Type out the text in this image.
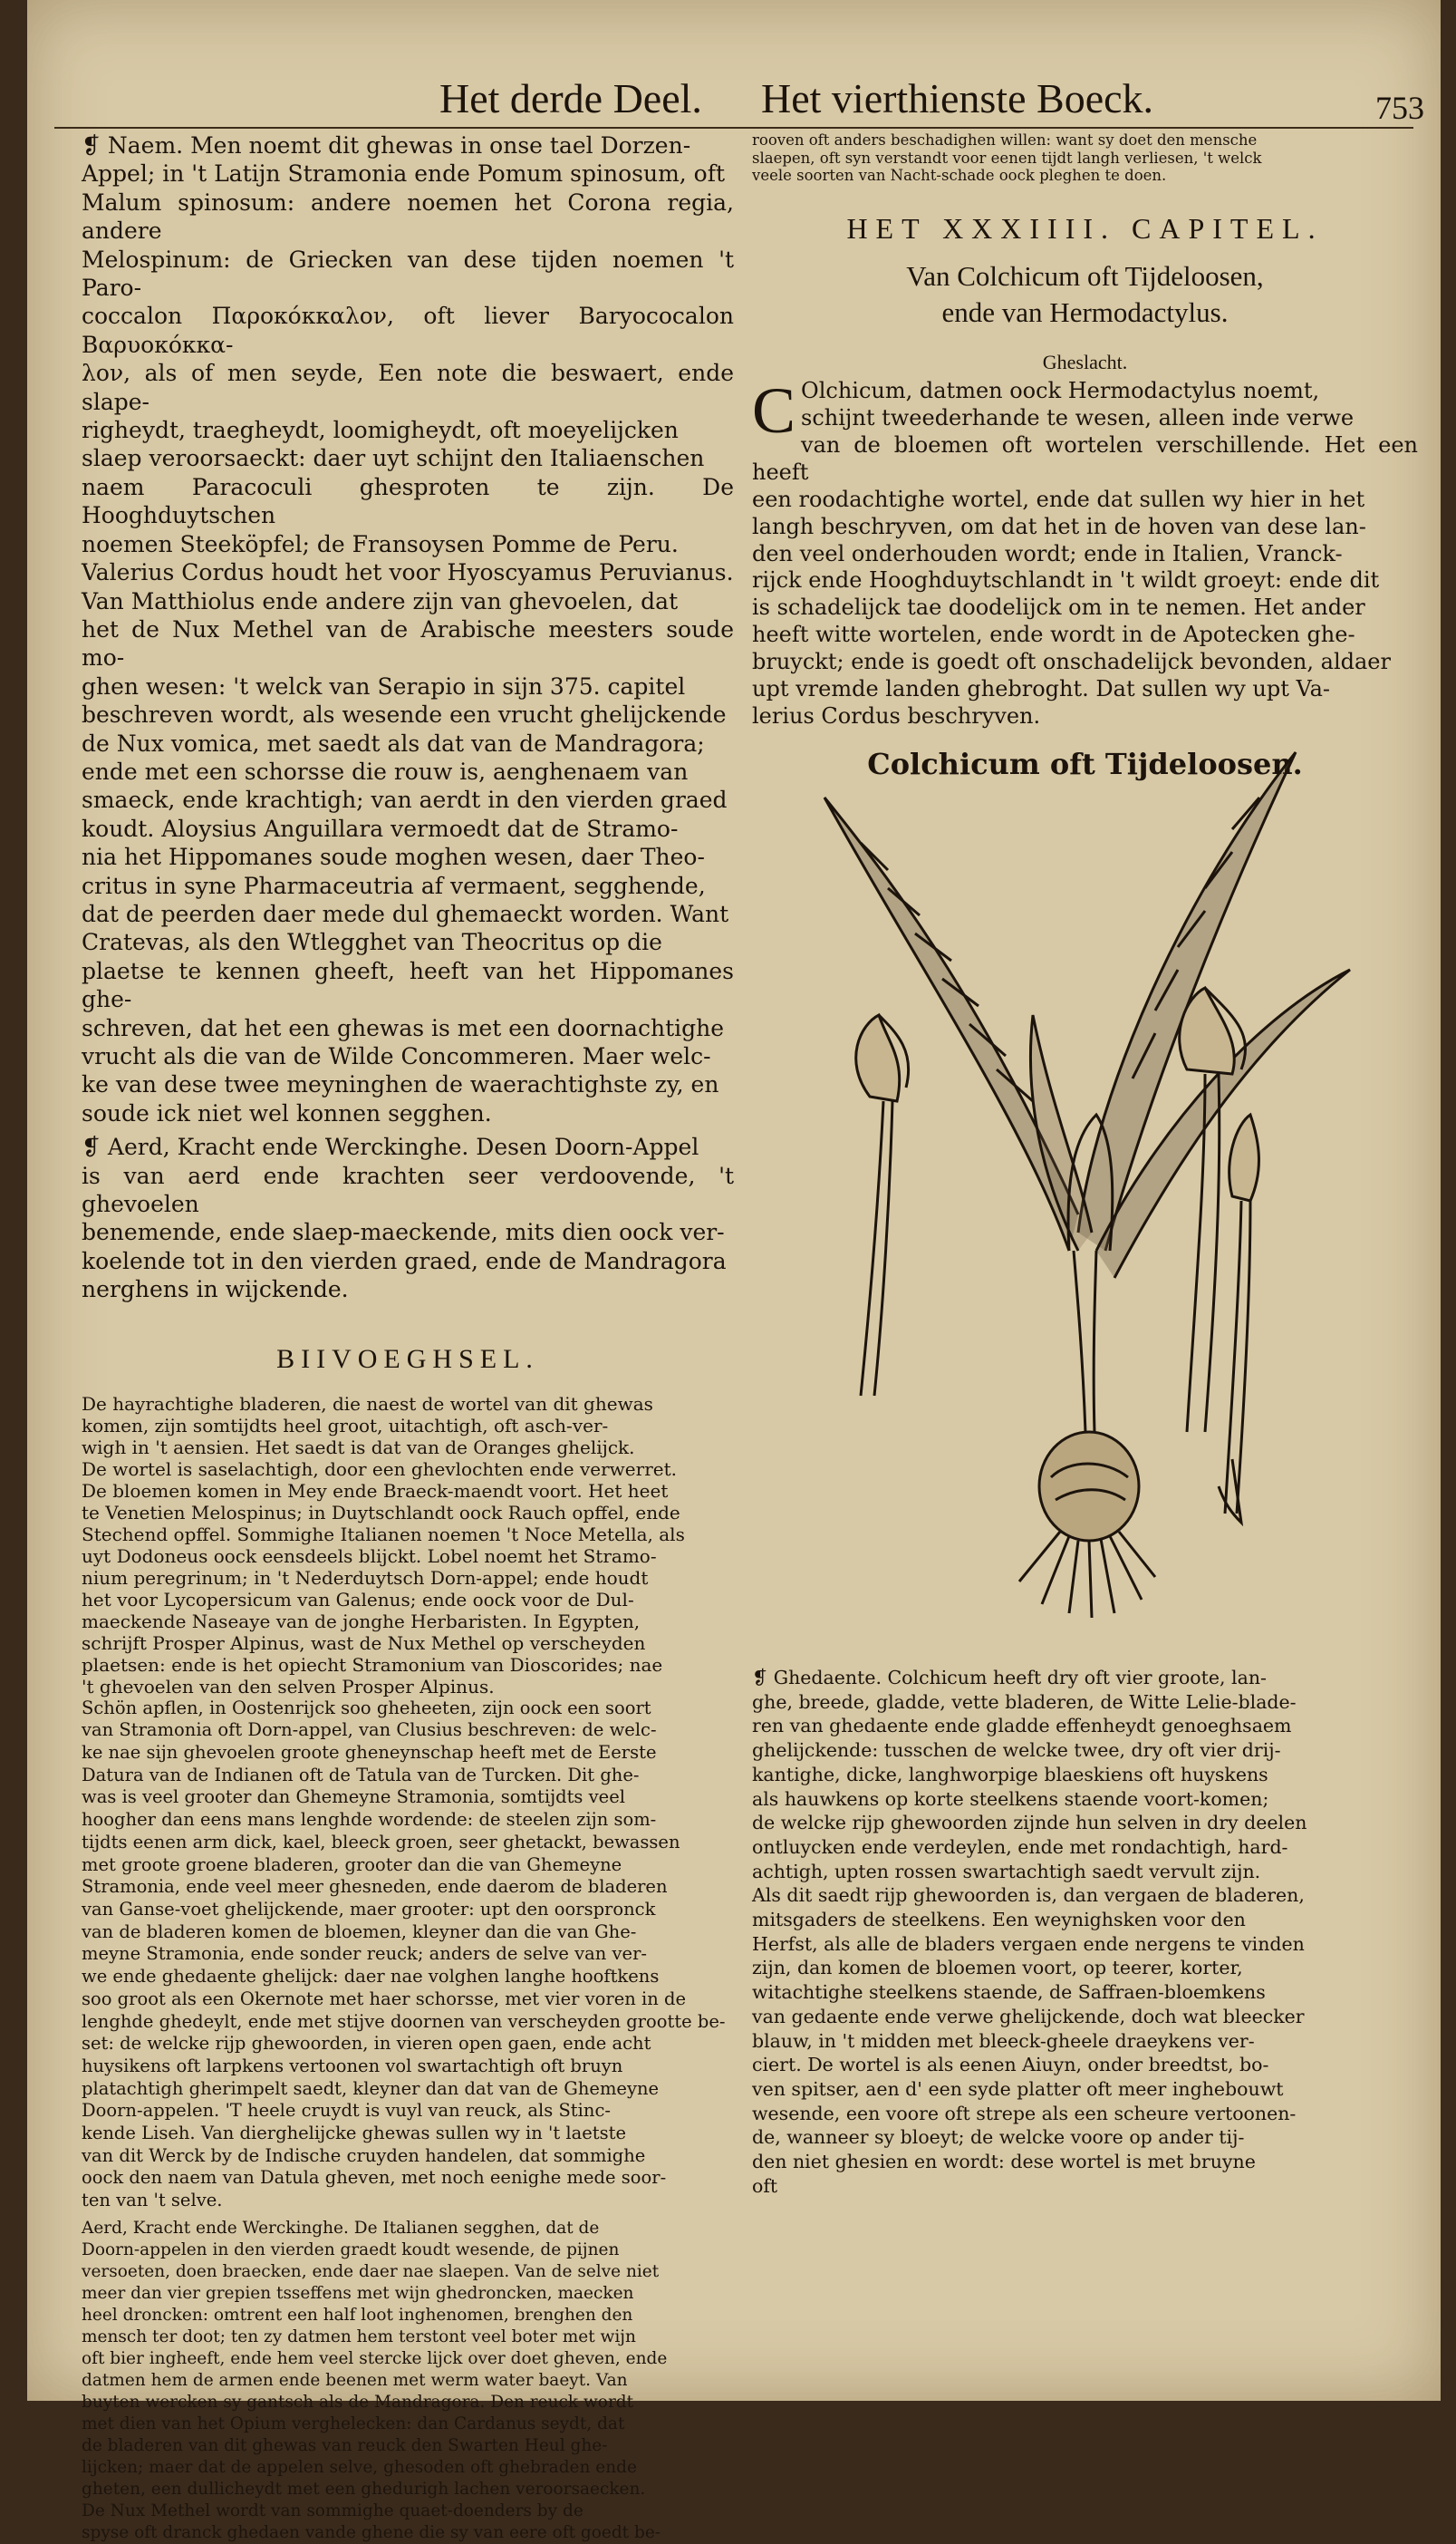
Het derde Deel. Het vierthienste Boeck.	753

❡ Naem. Men noemt dit ghewas in onse tael Dorzen-

Appel; in 't Latijn Stramonia ende Pomum spinosum, oft

Malum spinosum: andere noemen het Corona regia, andere

Melospinum: de Griecken van dese tijden noemen 't Paro-

coccalon Παροκόκκαλον, oft liever Baryococalon Βαρυοκόκκα-

λον, als of men seyde, Een note die beswaert, ende slape-

righeydt, traegheydt, loomigheydt, oft moeyelijcken

slaep veroorsaeckt: daer uyt schijnt den Italiaenschen

naem Paracoculi ghesproten te zijn. De Hooghduytschen

noemen Steeköpfel; de Fransoysen Pomme de Peru.

Valerius Cordus houdt het voor Hyoscyamus Peruvianus.

Van Matthiolus ende andere zijn van ghevoelen, dat

het de Nux Methel van de Arabische meesters soude mo-

ghen wesen: 't welck van Serapio in sijn 375. capitel

beschreven wordt, als wesende een vrucht ghelijckende

de Nux vomica, met saedt als dat van de Mandragora;

ende met een schorsse die rouw is, aenghenaem van

smaeck, ende krachtigh; van aerdt in den vierden graed

koudt. Aloysius Anguillara vermoedt dat de Stramo-

nia het Hippomanes soude moghen wesen, daer Theo-

critus in syne Pharmaceutria af vermaent, segghende,

dat de peerden daer mede dul ghemaeckt worden. Want

Cratevas, als den Wtlegghet van Theocritus op die

plaetse te kennen gheeft, heeft van het Hippomanes ghe-

schreven, dat het een ghewas is met een doornachtighe

vrucht als die van de Wilde Concommeren. Maer welc-

ke van dese twee meyninghen de waerachtighste zy, en

soude ick niet wel konnen segghen.

❡ Aerd, Kracht ende Werckinghe. Desen Doorn-Appel

is van aerd ende krachten seer verdoovende, 't ghevoelen

benemende, ende slaep-maeckende, mits dien oock ver-

koelende tot in den vierden graed, ende de Mandragora

nerghens in wijckende.

BIIVOEGHSEL.

De hayrachtighe bladeren, die naest de wortel van dit ghewas

komen, zijn somtijdts heel groot, uitachtigh, oft asch-ver-

wigh in 't aensien. Het saedt is dat van de Oranges ghelijck.

De wortel is saselachtigh, door een ghevlochten ende verwerret.

De bloemen komen in Mey ende Braeck-maendt voort. Het heet

te Venetien Melospinus; in Duytschlandt oock Rauch opffel, ende

Stechend opffel. Sommighe Italianen noemen 't Noce Metella, als

uyt Dodoneus oock eensdeels blijckt. Lobel noemt het Stramo-

nium peregrinum; in 't Nederduytsch Dorn-appel; ende houdt

het voor Lycopersicum van Galenus; ende oock voor de Dul-

maeckende Naseaye van de jonghe Herbaristen. In Egypten,

schrijft Prosper Alpinus, wast de Nux Methel op verscheyden

plaetsen: ende is het opiecht Stramonium van Dioscorides; nae

't ghevoelen van den selven Prosper Alpinus.

Schön apflen, in Oostenrijck soo gheheeten, zijn oock een soort

van Stramonia oft Dorn-appel, van Clusius beschreven: de welc-

ke nae sijn ghevoelen groote gheneynschap heeft met de Eerste

Datura van de Indianen oft de Tatula van de Turcken. Dit ghe-

was is veel grooter dan Ghemeyne Stramonia, somtijdts veel

hoogher dan eens mans lenghde wordende: de steelen zijn som-

tijdts eenen arm dick, kael, bleeck groen, seer ghetackt, bewassen

met groote groene bladeren, grooter dan die van Ghemeyne

Stramonia, ende veel meer ghesneden, ende daerom de bladeren

van Ganse-voet ghelijckende, maer grooter: upt den oorspronck

van de bladeren komen de bloemen, kleyner dan die van Ghe-

meyne Stramonia, ende sonder reuck; anders de selve van ver-

we ende ghedaente ghelijck: daer nae volghen langhe hooftkens

soo groot als een Okernote met haer schorsse, met vier voren in de

lenghde ghedeylt, ende met stijve doornen van verscheyden grootte be-

set: de welcke rijp ghewoorden, in vieren open gaen, ende acht

huysikens oft larpkens vertoonen vol swartachtigh oft bruyn

platachtigh gherimpelt saedt, kleyner dan dat van de Ghemeyne

Doorn-appelen. 'T heele cruydt is vuyl van reuck, als Stinc-

kende Liseh. Van dierghelijcke ghewas sullen wy in 't laetste

van dit Werck by de Indische cruyden handelen, dat sommighe

oock den naem van Datula gheven, met noch eenighe mede soor-

ten van 't selve.

Aerd, Kracht ende Werckinghe. De Italianen segghen, dat de

Doorn-appelen in den vierden graedt koudt wesende, de pijnen

versoeten, doen braecken, ende daer nae slaepen. Van de selve niet

meer dan vier grepien tsseffens met wijn ghedroncken, maecken

heel droncken: omtrent een half loot inghenomen, brenghen den

mensch ter doot; ten zy datmen hem terstont veel boter met wijn

oft bier ingheeft, ende hem veel stercke lijck over doet gheven, ende

datmen hem de armen ende beenen met werm water baeyt. Van

buyten wercken sy gantsch als de Mandragora. Den reuck wordt

met dien van het Opium verghelecken: dan Cardanus seydt, dat

de bladeren van dit ghewas van reuck den Swarten Heul ghe-

lijcken; maer dat de appelen selve, ghesoden oft ghebraden ende

gheten, een dullicheydt met een ghedurigh lachen veroorsaecken.

De Nux Methel wordt van sommighe quaet-doenders by de

spyse oft dranck ghedaen vande ghene die sy van eere oft goedt be-

rooven oft anders beschadighen willen: want sy doet den mensche

slaepen, oft syn verstandt voor eenen tijdt langh verliesen, 't welck

veele soorten van Nacht-schade oock pleghen te doen.

HET XXXIIII. CAPITEL.
Van Colchicum oft Tijdeloosen,
ende van Hermodactylus.
Gheslacht.
C Olchicum, datmen oock Hermodactylus noemt,

schijnt tweederhande te wesen, alleen inde verwe

van de bloemen oft wortelen verschillende. Het een heeft

een roodachtighe wortel, ende dat sullen wy hier in het

langh beschryven, om dat het in de hoven van dese lan-

den veel onderhouden wordt; ende in Italien, Vranck-

rijck ende Hooghduytschlandt in 't wildt groeyt: ende dit

is schadelijck tae doodelijck om in te nemen. Het ander

heeft witte wortelen, ende wordt in de Apotecken ghe-

bruyckt; ende is goedt oft onschadelijck bevonden, aldaer

upt vremde landen ghebroght. Dat sullen wy upt Va-

lerius Cordus beschryven.

Colchicum oft Tijdeloosen.

❡ Ghedaente. Colchicum heeft dry oft vier groote, lan-

ghe, breede, gladde, vette bladeren, de Witte Lelie-blade-

ren van ghedaente ende gladde effenheydt genoeghsaem

ghelijckende: tusschen de welcke twee, dry oft vier drij-

kantighe, dicke, langhworpige blaeskiens oft huyskens

als hauwkens op korte steelkens staende voort-komen;

de welcke rijp ghewoorden zijnde hun selven in dry deelen

ontluycken ende verdeylen, ende met rondachtigh, hard-

achtigh, upten rossen swartachtigh saedt vervult zijn.

Als dit saedt rijp ghewoorden is, dan vergaen de bladeren,

mitsgaders de steelkens. Een weynighsken voor den

Herfst, als alle de bladers vergaen ende nergens te vinden

zijn, dan komen de bloemen voort, op teerer, korter,

witachtighe steelkens staende, de Saffraen-bloemkens

van gedaente ende verwe ghelijckende, doch wat bleecker

blauw, in 't midden met bleeck-gheele draeykens ver-

ciert. De wortel is als eenen Aiuyn, onder breedtst, bo-

ven spitser, aen d' een syde platter oft meer inghebouwt

wesende, een voore oft strepe als een scheure vertoonen-

de, wanneer sy bloeyt; de welcke voore op ander tij-

den niet ghesien en wordt: dese wortel is met bruyne

oft
